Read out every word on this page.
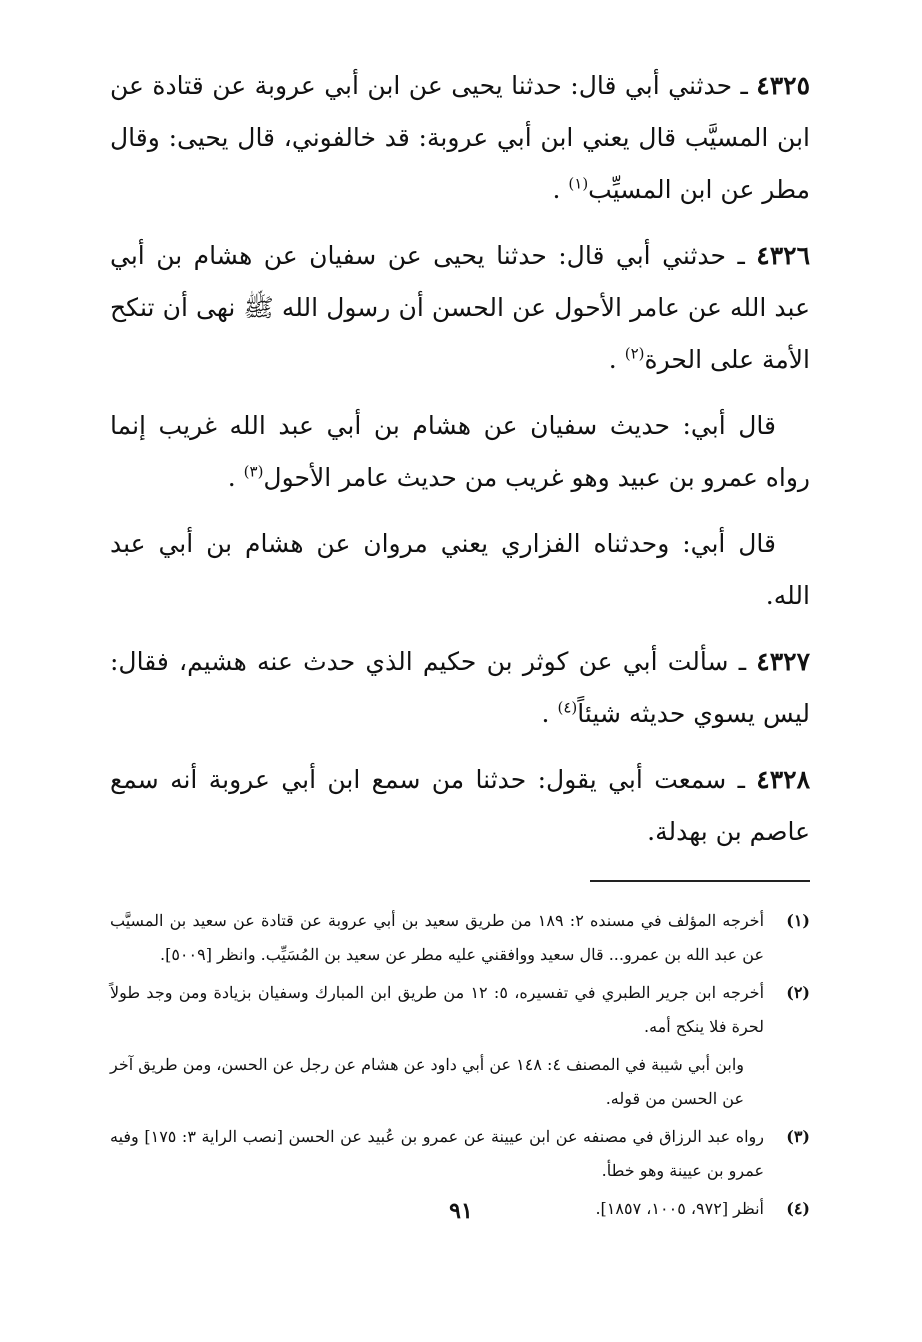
٤٣٢٥ ـ حدثني أبي قال: حدثنا يحيى عن ابن أبي عروبة عن قتادة عن ابن المسيَّب قال يعني ابن أبي عروبة: قد خالفوني، قال يحيى: وقال مطر عن ابن المسيِّب$^{(١)}$ .

٤٣٢٦ ـ حدثني أبي قال: حدثنا يحيى عن سفيان عن هشام بن أبي عبد الله عن عامر الأحول عن الحسن أن رسول الله ﷺ نهى أن تنكح الأمة على الحرة$^{(٢)}$ .

قال أبي: حديث سفيان عن هشام بن أبي عبد الله غريب إنما رواه عمرو بن عبيد وهو غريب من حديث عامر الأحول$^{(٣)}$ .

قال أبي: وحدثناه الفزاري يعني مروان عن هشام بن أبي عبد الله.

٤٣٢٧ ـ سألت أبي عن كوثر بن حكيم الذي حدث عنه هشيم، فقال: ليس يسوي حديثه شيئاً$^{(٤)}$ .

٤٣٢٨ ـ سمعت أبي يقول: حدثنا من سمع ابن أبي عروبة أنه سمع عاصم بن بهدلة.

(١)
أخرجه المؤلف في مسنده ٢: ١٨٩ من طريق سعيد بن أبي عروبة عن قتادة عن سعيد بن المسيَّب عن عبد الله بن عمرو... قال سعيد ووافقني عليه مطر عن سعيد بن المُسَيِّب. وانظر [٥٠٠٩].
(٢)
أخرجه ابن جرير الطبري في تفسيره، ٥: ١٢ من طريق ابن المبارك وسفيان بزيادة ومن وجد طولاً لحرة فلا ينكح أمه.
وابن أبي شيبة في المصنف ٤: ١٤٨ عن أبي داود عن هشام عن رجل عن الحسن، ومن طريق آخر عن الحسن من قوله.
(٣)
رواه عبد الرزاق في مصنفه عن ابن عيينة عن عمرو بن عُبيد عن الحسن [نصب الراية ٣: ١٧٥] وفيه عمرو بن عيينة وهو خطأ.
(٤)
أنظر [٩٧٢، ١٠٠٥، ١٨٥٧].
٩١
